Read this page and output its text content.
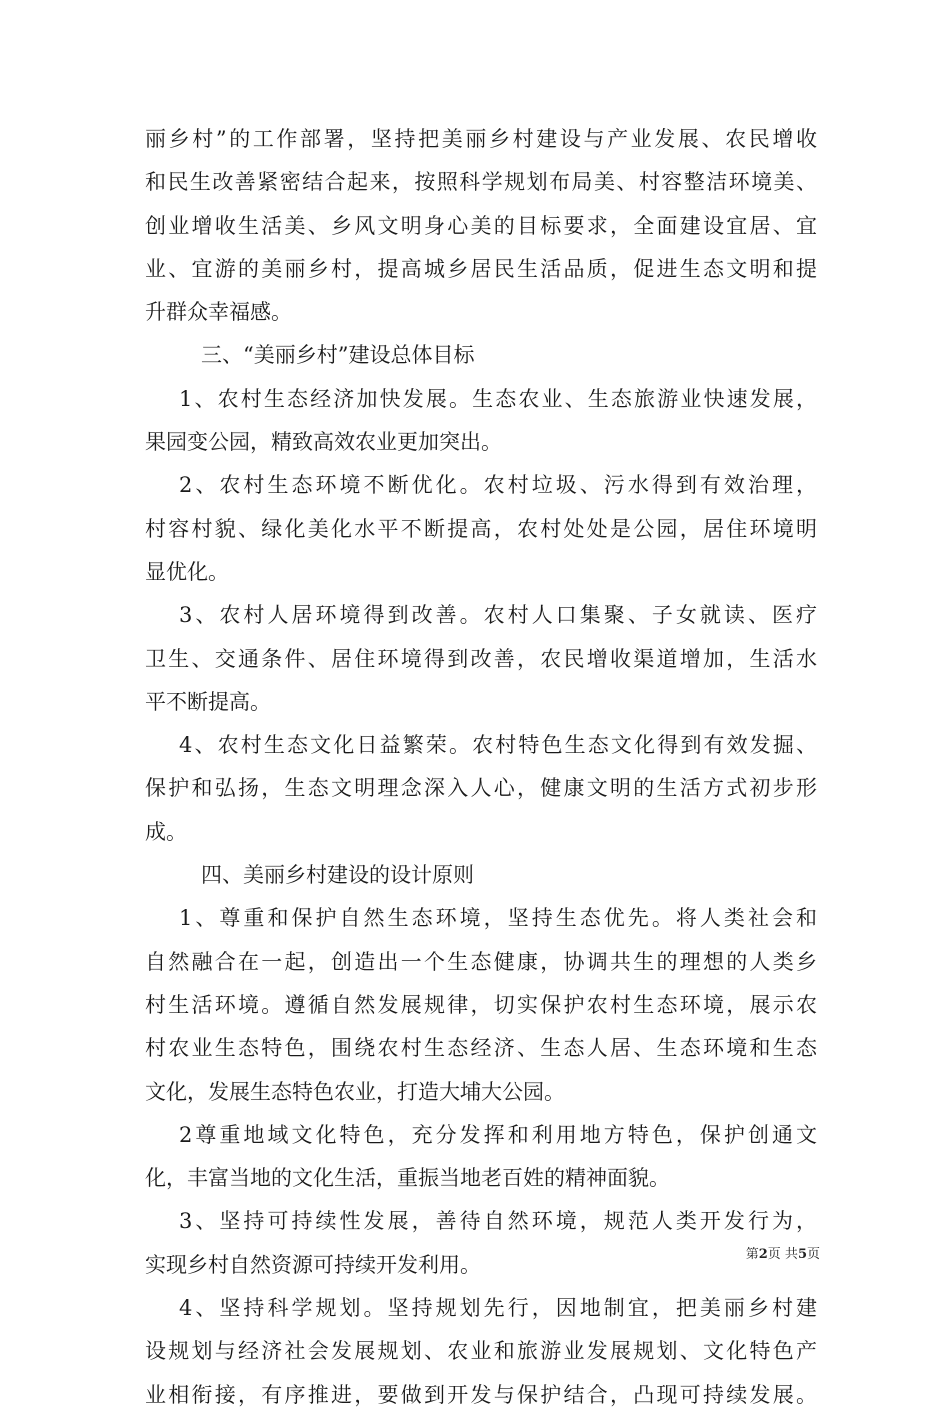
丽乡村”的工作部署，坚持把美丽乡村建设与产业发展、农民增收
和民生改善紧密结合起来，按照科学规划布局美、村容整洁环境美、
创业增收生活美、乡风文明身心美的目标要求，全面建设宜居、宜
业、宜游的美丽乡村，提高城乡居民生活品质，促进生态文明和提
升群众幸福感。
三、“美丽乡村”建设总体目标
1、农村生态经济加快发展。生态农业、生态旅游业快速发展，
果园变公园，精致高效农业更加突出。
2、农村生态环境不断优化。农村垃圾、污水得到有效治理，
村容村貌、绿化美化水平不断提高，农村处处是公园，居住环境明
显优化。
3、农村人居环境得到改善。农村人口集聚、子女就读、医疗
卫生、交通条件、居住环境得到改善，农民增收渠道增加，生活水
平不断提高。
4、农村生态文化日益繁荣。农村特色生态文化得到有效发掘、
保护和弘扬，生态文明理念深入人心，健康文明的生活方式初步形
成。
四、美丽乡村建设的设计原则
1、尊重和保护自然生态环境，坚持生态优先。将人类社会和
自然融合在一起，创造出一个生态健康，协调共生的理想的人类乡
村生活环境。遵循自然发展规律，切实保护农村生态环境，展示农
村农业生态特色，围绕农村生态经济、生态人居、生态环境和生态
文化，发展生态特色农业，打造大埔大公园。
2尊重地域文化特色，充分发挥和利用地方特色，保护创通文
化，丰富当地的文化生活，重振当地老百姓的精神面貌。
3、坚持可持续性发展，善待自然环境，规范人类开发行为，
实现乡村自然资源可持续开发利用。
4、坚持科学规划。坚持规划先行，因地制宜，把美丽乡村建
设规划与经济社会发展规划、农业和旅游业发展规划、文化特色产
业相衔接，有序推进，要做到开发与保护结合，凸现可持续发展。
第2页 共5页
